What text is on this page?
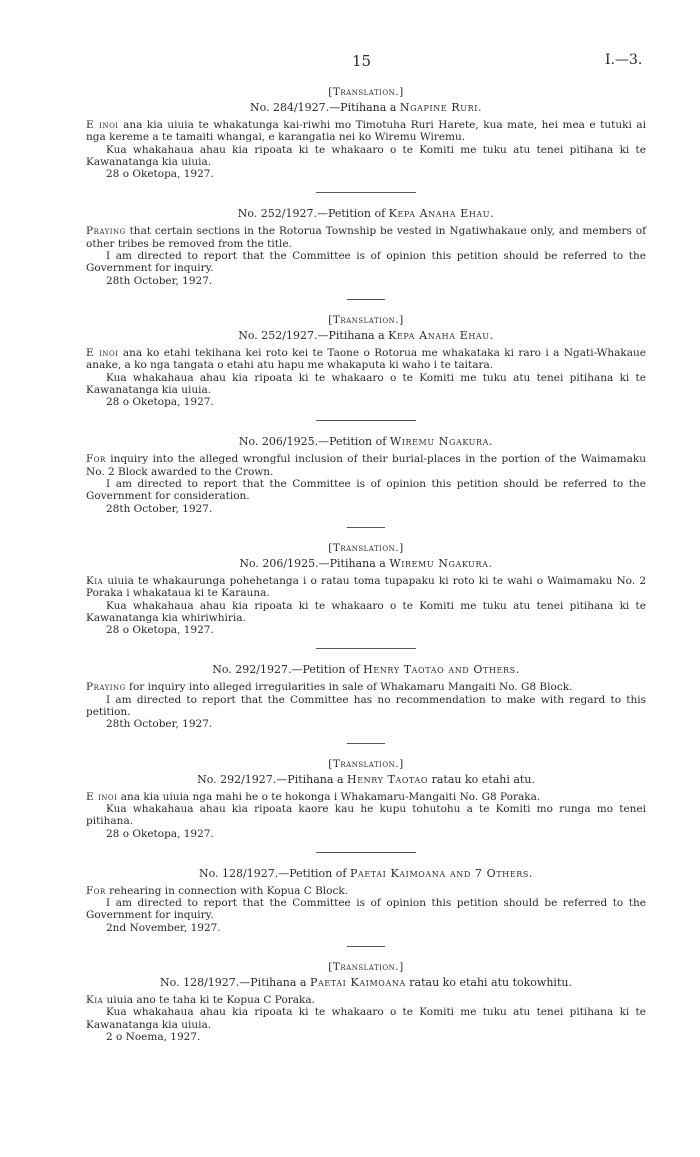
15	I.—3.

[Translation.]

No. 284/1927.—Pitihana a Ngapine Ruri.

E inoi ana kia uiuia te whakatunga kai-riwhi mo Timotuha Ruri Harete, kua mate, hei mea e tutuki ai nga kereme a te tamaiti whangai, e karangatia nei ko Wiremu Wiremu.

Kua whakahaua ahau kia ripoata ki te whakaaro o te Komiti me tuku atu tenei pitihana ki te Kawanatanga kia uiuia.

28 o Oketopa, 1927.

No. 252/1927.—Petition of Kepa Anaha Ehau.

Praying that certain sections in the Rotorua Township be vested in Ngatiwhakaue only, and members of other tribes be removed from the title.

I am directed to report that the Committee is of opinion this petition should be referred to the Government for inquiry.

28th October, 1927.

[Translation.]

No. 252/1927.—Pitihana a Kepa Anaha Ehau.

E inoi ana ko etahi tekihana kei roto kei te Taone o Rotorua me whakataka ki raro i a Ngati-Whakaue anake, a ko nga tangata o etahi atu hapu me whakaputa ki waho i te taitara.

Kua whakahaua ahau kia ripoata ki te whakaaro o te Komiti me tuku atu tenei pitihana ki te Kawanatanga kia uiuia.

28 o Oketopa, 1927.

No. 206/1925.—Petition of Wiremu Ngakura.

For inquiry into the alleged wrongful inclusion of their burial-places in the portion of the Waimamaku No. 2 Block awarded to the Crown.

I am directed to report that the Committee is of opinion this petition should be referred to the Government for consideration.

28th October, 1927.

[Translation.]

No. 206/1925.—Pitihana a Wiremu Ngakura.

Kia uiuia te whakaurunga pohehetanga i o ratau toma tupapaku ki roto ki te wahi o Waimamaku No. 2 Poraka i whakataua ki te Karauna.

Kua whakahaua ahau kia ripoata ki te whakaaro o te Komiti me tuku atu tenei pitihana ki te Kawanatanga kia whiriwhiria.

28 o Oketopa, 1927.

No. 292/1927.—Petition of Henry Taotao and Others.

Praying for inquiry into alleged irregularities in sale of Whakamaru Mangaiti No. G8 Block.

I am directed to report that the Committee has no recommendation to make with regard to this petition.

28th October, 1927.

[Translation.]

No. 292/1927.—Pitihana a Henry Taotao ratau ko etahi atu.

E inoi ana kia uiuia nga mahi he o te hokonga i Whakamaru-Mangaiti No. G8 Poraka.

Kua whakahaua ahau kia ripoata kaore kau he kupu tohutohu a te Komiti mo runga mo tenei pitihana.

28 o Oketopa, 1927.

No. 128/1927.—Petition of Paetai Kaimoana and 7 Others.

For rehearing in connection with Kopua C Block.

I am directed to report that the Committee is of opinion this petition should be referred to the Government for inquiry.

2nd November, 1927.

[Translation.]

No. 128/1927.—Pitihana a Paetai Kaimoana ratau ko etahi atu tokowhitu.

Kia uiuia ano te taha ki te Kopua C Poraka.

Kua whakahaua ahau kia ripoata ki te whakaaro o te Komiti me tuku atu tenei pitihana ki te Kawanatanga kia uiuia.

2 o Noema, 1927.
